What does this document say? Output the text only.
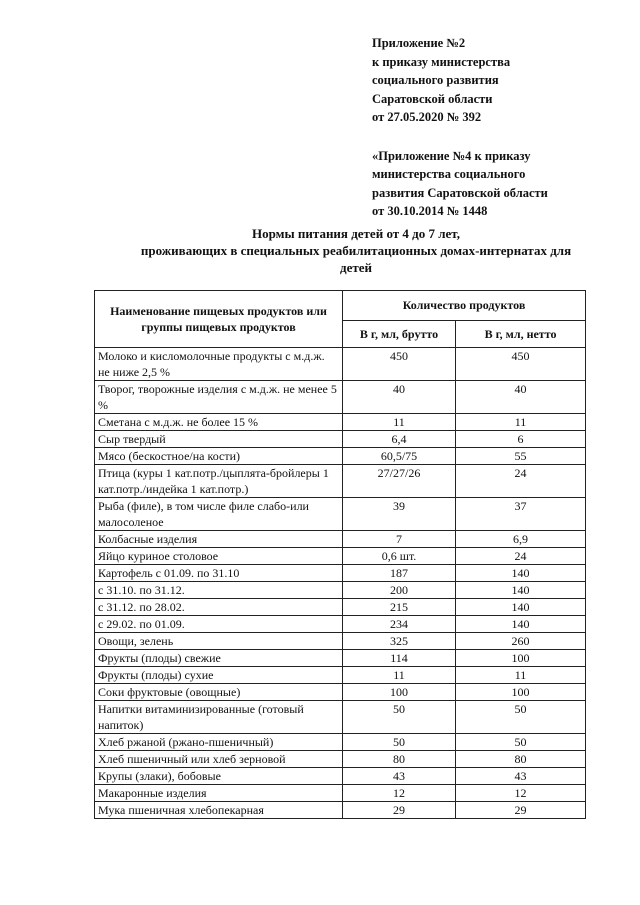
Приложение №2
к приказу министерства
социального развития
Саратовской области
от 27.05.2020 № 392
«Приложение №4 к приказу
министерства социального
развития Саратовской области
от 30.10.2014 № 1448
Нормы питания детей от 4 до 7 лет,
проживающих в специальных реабилитационных домах-интернатах для
детей
Наименование пищевых продуктов или группы пищевых продуктов	Количество продуктов	
	В г, мл, брутто	В г, мл, нетто
Молоко и кисломолочные продукты с м.д.ж. не ниже 2,5 %	450	450
Творог, творожные изделия с м.д.ж. не менее 5 %	40	40
Сметана с м.д.ж. не более 15 %	11	11
Сыр твердый	6,4	6
Мясо (бескостное/на кости)	60,5/75	55
Птица (куры 1 кат.потр./цыплята-бройлеры 1 кат.потр./индейка 1 кат.потр.)	27/27/26	24
Рыба (филе), в том числе филе слабо-или малосоленое	39	37
Колбасные изделия	7	6,9
Яйцо куриное столовое	0,6 шт.	24
Картофель с 01.09. по 31.10	187	140
с 31.10. по 31.12.	200	140
с 31.12. по 28.02.	215	140
с 29.02. по 01.09.	234	140
Овощи, зелень	325	260
Фрукты (плоды) свежие	114	100
Фрукты (плоды) сухие	11	11
Соки фруктовые (овощные)	100	100
Напитки витаминизированные (готовый напиток)	50	50
Хлеб ржаной (ржано-пшеничный)	50	50
Хлеб пшеничный или хлеб зерновой	80	80
Крупы (злаки), бобовые	43	43
Макаронные изделия	12	12
Мука пшеничная хлебопекарная	29	29
